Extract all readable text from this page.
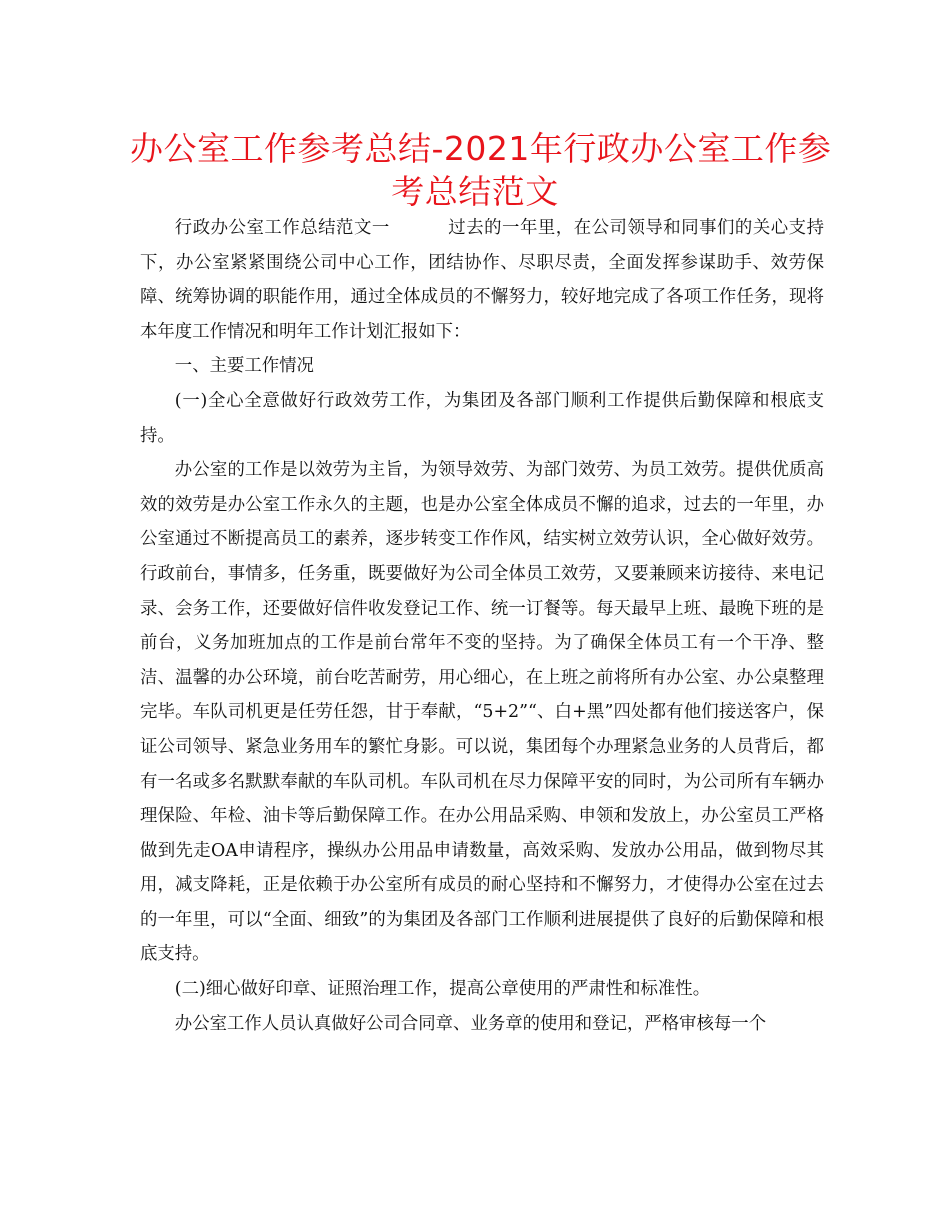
办公室工作参考总结-2021年行政办公室工作参
考总结范文

行政办公室工作总结范文一	过去的一年里，在公司领导和同事们的关心支持下，办公室紧紧围绕公司中心工作，团结协作、尽职尽责，全面发挥参谋助手、效劳保障、统筹协调的职能作用，通过全体成员的不懈努力，较好地完成了各项工作任务，现将本年度工作情况和明年工作计划汇报如下：

一、主要工作情况

(一)全心全意做好行政效劳工作，为集团及各部门顺利工作提供后勤保障和根底支持。

办公室的工作是以效劳为主旨，为领导效劳、为部门效劳、为员工效劳。提供优质高效的效劳是办公室工作永久的主题，也是办公室全体成员不懈的追求，过去的一年里，办公室通过不断提高员工的素养，逐步转变工作作风，结实树立效劳认识，全心做好效劳。行政前台，事情多，任务重，既要做好为公司全体员工效劳，又要兼顾来访接待、来电记录、会务工作，还要做好信件收发登记工作、统一订餐等。每天最早上班、最晚下班的是前台，义务加班加点的工作是前台常年不变的坚持。为了确保全体员工有一个干净、整洁、温馨的办公环境，前台吃苦耐劳，用心细心，在上班之前将所有办公室、办公桌整理完毕。车队司机更是任劳任怨，甘于奉献，“5+2”“、白+黑”四处都有他们接送客户，保证公司领导、紧急业务用车的繁忙身影。可以说，集团每个办理紧急业务的人员背后，都有一名或多名默默奉献的车队司机。车队司机在尽力保障平安的同时，为公司所有车辆办理保险、年检、油卡等后勤保障工作。在办公用品采购、申领和发放上，办公室员工严格做到先走OA申请程序，操纵办公用品申请数量，高效采购、发放办公用品，做到物尽其用，减支降耗，正是依赖于办公室所有成员的耐心坚持和不懈努力，才使得办公室在过去的一年里，可以“全面、细致”的为集团及各部门工作顺利进展提供了良好的后勤保障和根底支持。

(二)细心做好印章、证照治理工作，提高公章使用的严肃性和标准性。

办公室工作人员认真做好公司合同章、业务章的使用和登记，严格审核每一个
